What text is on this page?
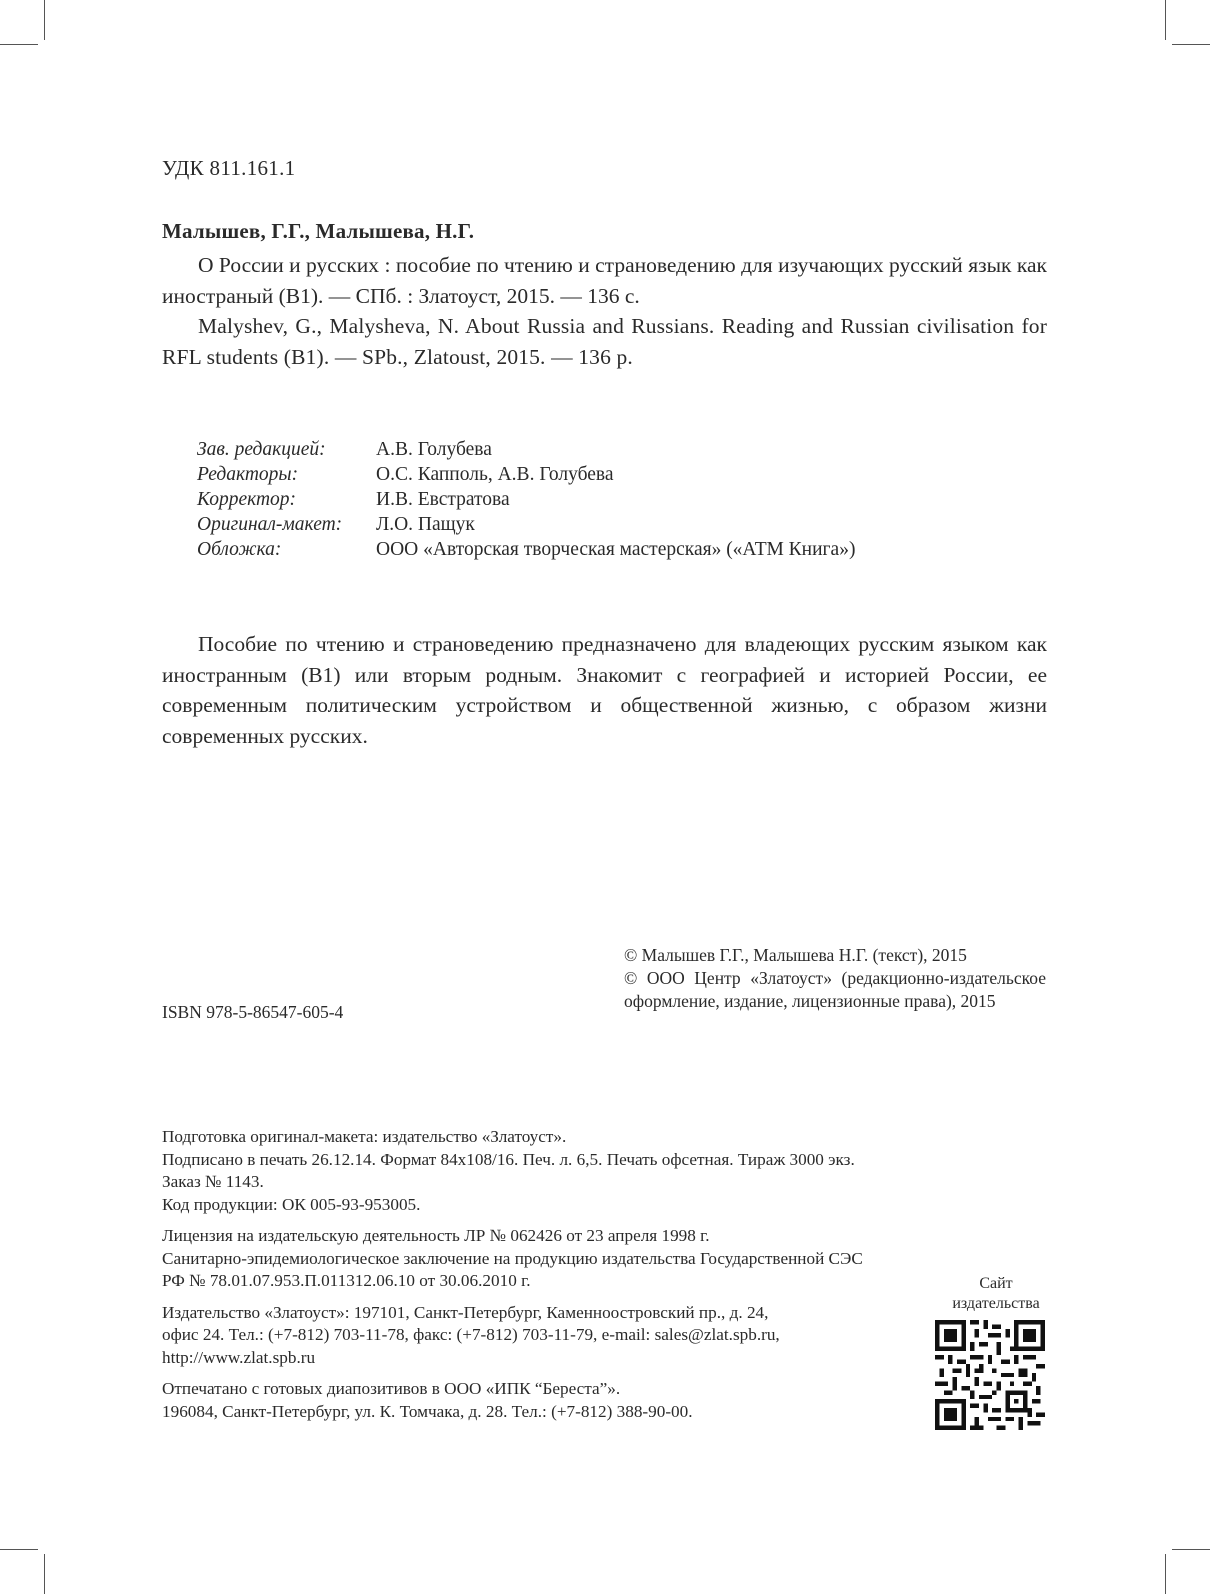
УДК 811.161.1
Малышев, Г.Г., Малышева, Н.Г.

О России и русских : пособие по чтению и страноведению для изучающих русский язык как иностраный (В1). — СПб. : Златоуст, 2015. — 136 с.

Malyshev, G., Malysheva, N. About Russia and Russians. Reading and Russian civilisation for RFL students (B1). — SPb., Zlatoust, 2015. — 136 p.

Зав. редакцией:	А.В. Голубева
Редакторы:	О.С. Капполь, А.В. Голубева
Корректор:	И.В. Евстратова
Оригинал-макет:	Л.О. Пащук
Обложка:	ООО «Авторская творческая мастерская» («АТМ Книга»)

Пособие по чтению и страноведению предназначено для владеющих русским языком как иностранным (В1) или вторым родным. Знакомит с географией и историей России, ее современным политическим устройством и общественной жизнью, с образом жизни современных русских.

© Малышев Г.Г., Малышева Н.Г. (текст), 2015
© ООО Центр «Златоуст» (редакционно-издательское оформление, издание, лицензионные права), 2015
ISBN 978-5-86547-605-4

Подготовка оригинал-макета: издательство «Златоуст».
Подписано в печать 26.12.14. Формат 84x108/16. Печ. л. 6,5. Печать офсетная. Тираж 3000 экз.
Заказ № 1143.
Код продукции: ОК 005-93-953005.

Лицензия на издательскую деятельность ЛР № 062426 от 23 апреля 1998 г.
Санитарно-эпидемиологическое заключение на продукцию издательства Государственной СЭС
РФ № 78.01.07.953.П.011312.06.10 от 30.06.2010 г.

Издательство «Златоуст»: 197101, Санкт-Петербург, Каменноостровский пр., д. 24,
офис 24. Тел.: (+7-812) 703-11-78, факс: (+7-812) 703-11-79, e-mail: sales@zlat.spb.ru,
http://www.zlat.spb.ru

Отпечатано с готовых диапозитивов в ООО «ИПК “Береста”».
196084, Санкт-Петербург, ул. К. Томчака, д. 28. Тел.: (+7-812) 388-90-00.

Сайт
издательства
